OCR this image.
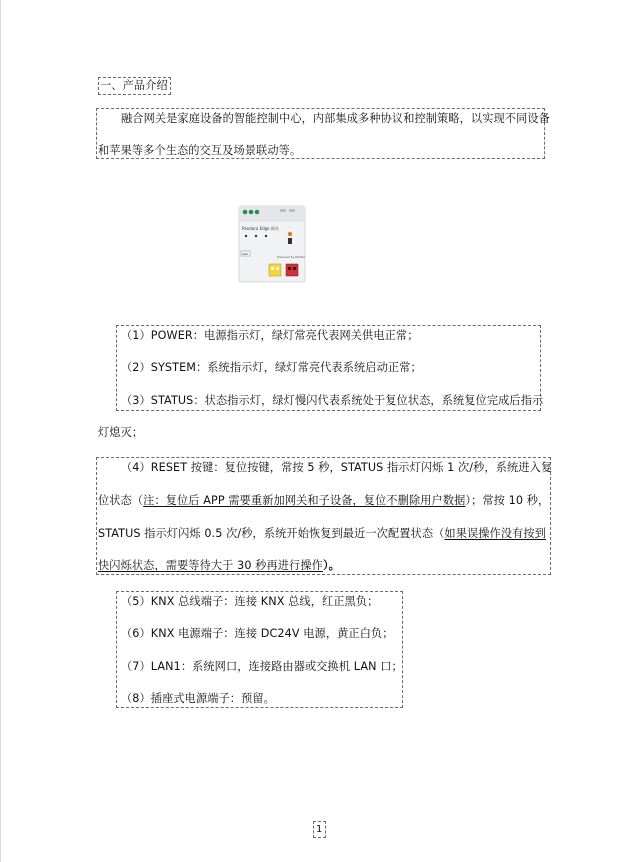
一、产品介绍
融合网关是家庭设备的智能控制中心，内部集成多种协议和控制策略，以实现不同设备
和苹果等多个生态的交互及场景联动等。
Pandora Edge 网关
Powered by Matter
KNX
（1）POWER：电源指示灯，绿灯常亮代表网关供电正常；
（2）SYSTEM：系统指示灯，绿灯常亮代表系统启动正常；
（3）STATUS：状态指示灯，绿灯慢闪代表系统处于复位状态，系统复位完成后指示
灯熄灭；
（4）RESET 按键：复位按键，常按 5 秒，STATUS 指示灯闪烁 1 次/秒，系统进入复
位状态（注：复位后 APP 需要重新加网关和子设备，复位不删除用户数据）；常按 10 秒，
STATUS 指示灯闪烁 0.5 次/秒，系统开始恢复到最近一次配置状态（如果误操作没有按到
快闪烁状态，需要等待大于 30 秒再进行操作）。
（5）KNX 总线端子：连接 KNX 总线，红正黑负；
（6）KNX 电源端子：连接 DC24V 电源，黄正白负；
（7）LAN1：系统网口，连接路由器或交换机 LAN 口；
（8）插座式电源端子：预留。
1
